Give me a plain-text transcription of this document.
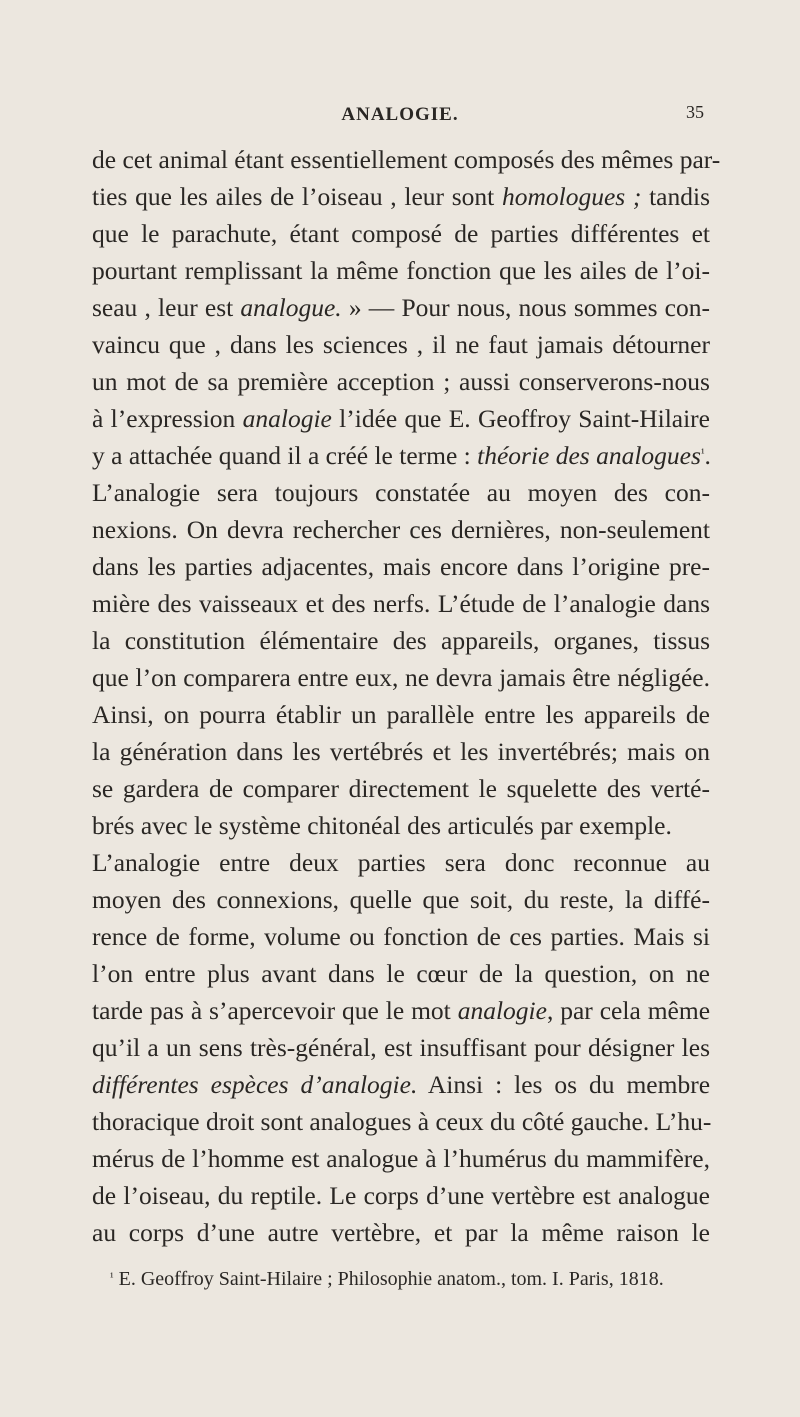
ANALOGIE.	35
de cet animal étant essentiellement composés des mêmes par-
ties que les ailes de l’oiseau , leur sont homologues ; tandis
que le parachute, étant composé de parties différentes et
pourtant remplissant la même fonction que les ailes de l’oi-
seau , leur est analogue. » — Pour nous, nous sommes con-
vaincu que , dans les sciences , il ne faut jamais détourner
un mot de sa première acception ; aussi conserverons-nous
à l’expression analogie l’idée que E. Geoffroy Saint-Hilaire
y a attachée quand il a créé le terme : théorie des analogues$^{^1}$.
L’analogie sera toujours constatée au moyen des con-
nexions. On devra rechercher ces dernières, non-seulement
dans les parties adjacentes, mais encore dans l’origine pre-
mière des vaisseaux et des nerfs. L’étude de l’analogie dans
la constitution élémentaire des appareils, organes, tissus
que l’on comparera entre eux, ne devra jamais être négligée.
Ainsi, on pourra établir un parallèle entre les appareils de
la génération dans les vertébrés et les invertébrés; mais on
se gardera de comparer directement le squelette des verté-
brés avec le système chitonéal des articulés par exemple.
L’analogie entre deux parties sera donc reconnue au
moyen des connexions, quelle que soit, du reste, la diffé-
rence de forme, volume ou fonction de ces parties. Mais si
l’on entre plus avant dans le cœur de la question, on ne
tarde pas à s’apercevoir que le mot analogie, par cela même
qu’il a un sens très-général, est insuffisant pour désigner les
différentes espèces d’analogie. Ainsi : les os du membre
thoracique droit sont analogues à ceux du côté gauche. L’hu-
mérus de l’homme est analogue à l’humérus du mammifère,
de l’oiseau, du reptile. Le corps d’une vertèbre est analogue
au corps d’une autre vertèbre, et par la même raison le
$^{^1}$ E. Geoffroy Saint-Hilaire ; Philosophie anatom., tom. I. Paris, 1818.
